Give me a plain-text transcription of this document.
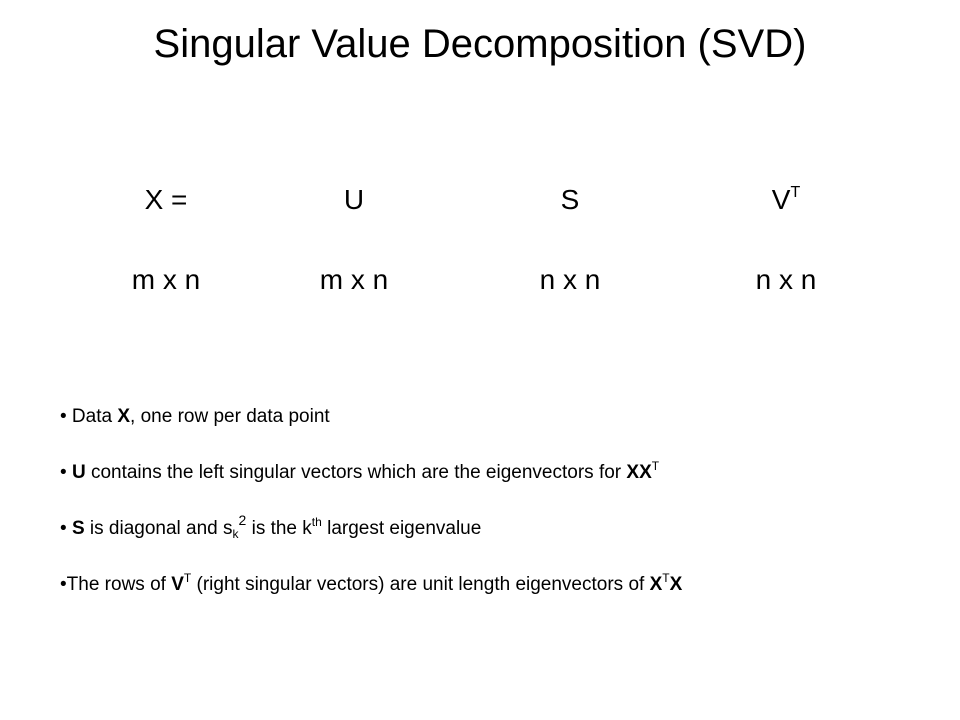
Singular Value Decomposition (SVD)
X =	U	S	$V^T$
m x n	m x n	n x n	n x n
• Data X, one row per data point
• U contains the left singular vectors which are the eigenvectors for $XX^T$
• S is diagonal and $s_k^2$ is the $k^{th}$ largest eigenvalue
•The rows of $V^T$ (right singular vectors) are unit length eigenvectors of $X^TX$
